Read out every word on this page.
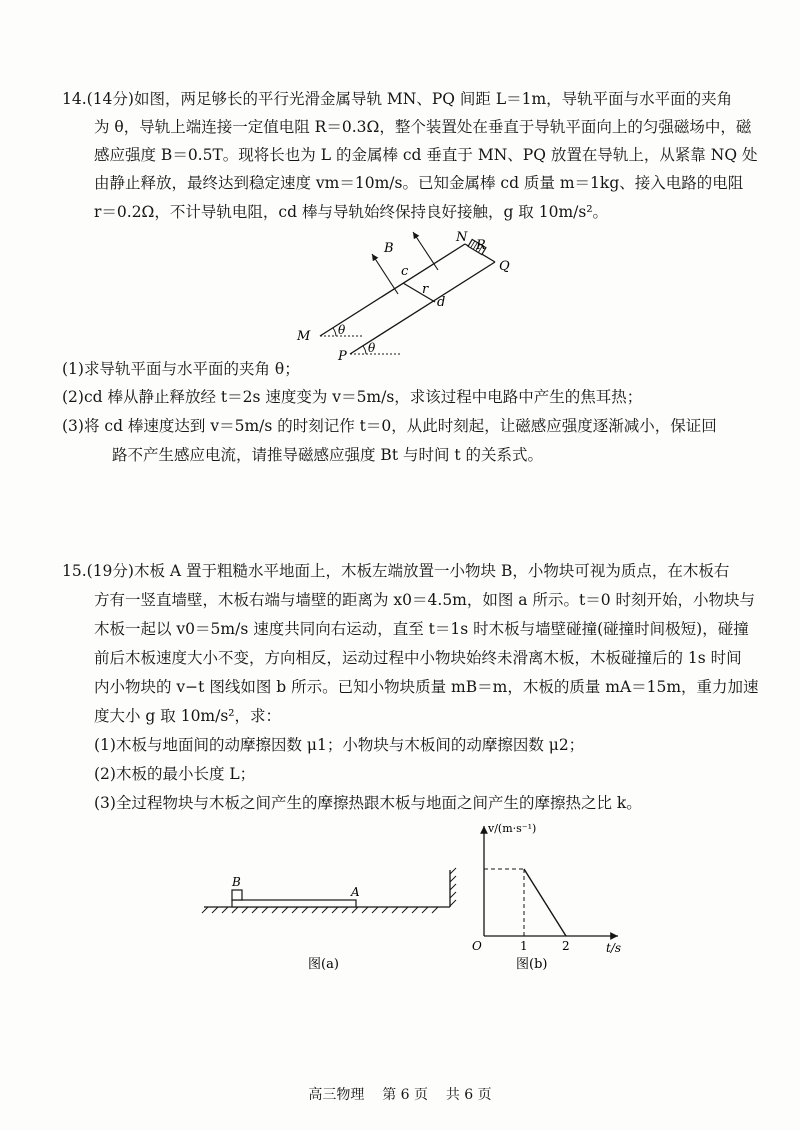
14.(14分)如图，两足够长的平行光滑金属导轨 MN、PQ 间距 L＝1m，导轨平面与水平面的夹角
为 θ，导轨上端连接一定值电阻 R＝0.3Ω，整个装置处在垂直于导轨平面向上的匀强磁场中，磁
感应强度 B＝0.5T。现将长也为 L 的金属棒 cd 垂直于 MN、PQ 放置在导轨上，从紧靠 NQ 处
由静止释放，最终达到稳定速度 vm＝10m/s。已知金属棒 cd 质量 m＝1kg、接入电路的电阻
r＝0.2Ω，不计导轨电阻，cd 棒与导轨始终保持良好接触，g 取 10m/s²。
B
N
R
Q
c
r
d
M θ
P
θ
(1)求导轨平面与水平面的夹角 θ；
(2)cd 棒从静止释放经 t＝2s 速度变为 v＝5m/s，求该过程中电路中产生的焦耳热；
(3)将 cd 棒速度达到 v＝5m/s 的时刻记作 t＝0，从此时刻起，让磁感应强度逐渐减小，保证回
路不产生感应电流，请推导磁感应强度 Bt 与时间 t 的关系式。
15.(19分)木板 A 置于粗糙水平地面上，木板左端放置一小物块 B，小物块可视为质点，在木板右
方有一竖直墙壁，木板右端与墙壁的距离为 x0＝4.5m，如图 a 所示。t＝0 时刻开始，小物块与
木板一起以 v0＝5m/s 速度共同向右运动，直至 t＝1s 时木板与墙壁碰撞(碰撞时间极短)，碰撞
前后木板速度大小不变，方向相反，运动过程中小物块始终未滑离木板，木板碰撞后的 1s 时间
内小物块的 v−t 图线如图 b 所示。已知小物块质量 mB＝m，木板的质量 mA＝15m，重力加速
度大小 g 取 10m/s²，求：
(1)木板与地面间的动摩擦因数 μ1；小物块与木板间的动摩擦因数 μ2；
(2)木板的最小长度 L；
(3)全过程物块与木板之间产生的摩擦热跟木板与地面之间产生的摩擦热之比 k。
B
A
图(a)
v/(m·s⁻¹)
t/s
O	1	2
图(b)
高三物理 第 6 页 共 6 页
